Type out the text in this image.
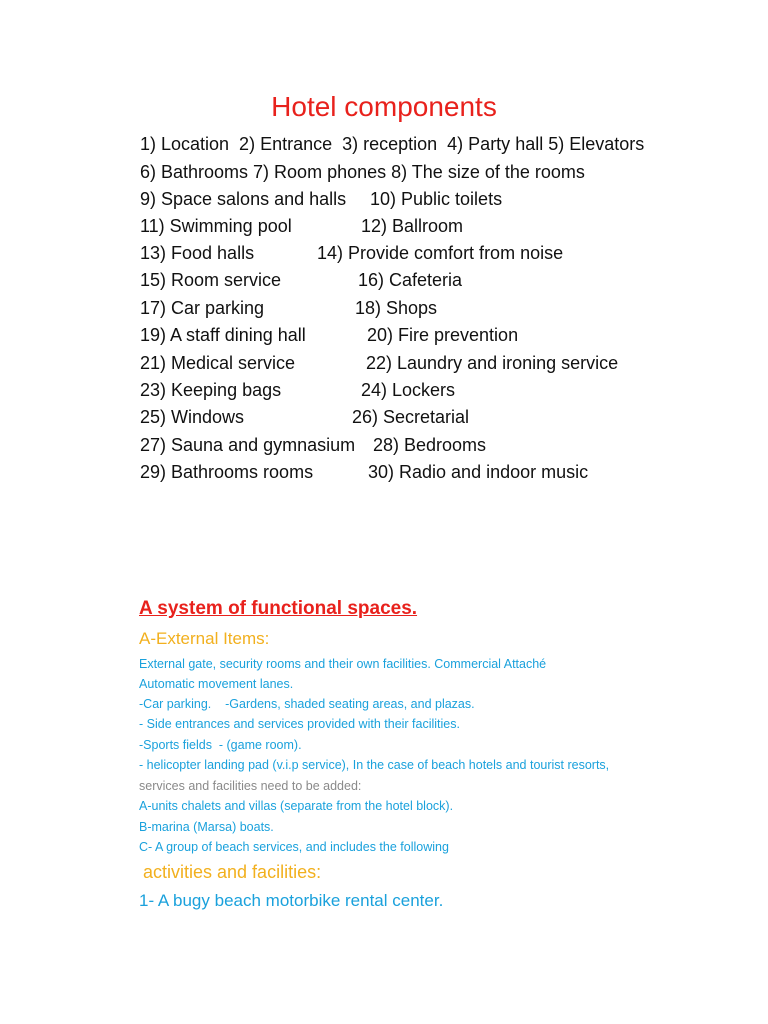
Hotel components

1) Location  2) Entrance  3) reception  4) Party hall 5) Elevators

6) Bathrooms 7) Room phones 8) The size of the rooms

9) Space salons and halls

10) Public toilets

11) Swimming pool

	12) Ballroom

13) Food halls

	14) Provide comfort from noise

15) Room service

	16) Cafeteria

17) Car parking

	18) Shops

19) A staff dining hall

	20) Fire prevention

21) Medical service

	22) Laundry and ironing service

23) Keeping bags

	24) Lockers

25) Windows

	26) Secretarial

27) Sauna and gymnasium

28) Bedrooms

29) Bathrooms rooms

	30) Radio and indoor music

A system of functional spaces.
A-External Items:
External gate, security rooms and their own facilities. Commercial Attaché
Automatic movement lanes.
-Car parking.    -Gardens, shaded seating areas, and plazas.
- Side entrances and services provided with their facilities.
-Sports fields  - (game room).
- helicopter landing pad (v.i.p service), In the case of beach hotels and tourist resorts,
services and facilities need to be added:
A-units chalets and villas (separate from the hotel block).
B-marina (Marsa) boats.
C- A group of beach services, and includes the following
activities and facilities:
1- A bugy beach motorbike rental center.
